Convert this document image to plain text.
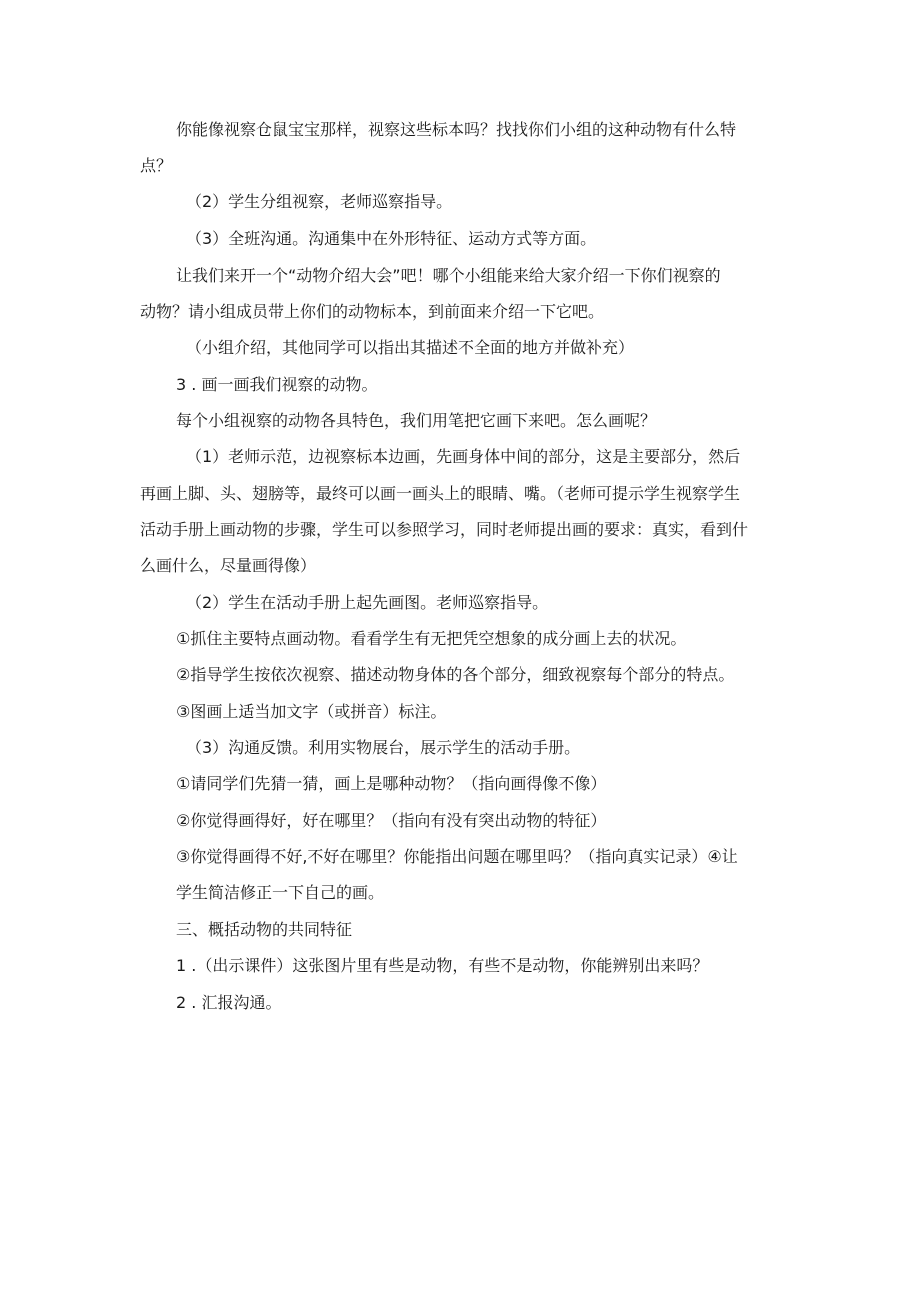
你能像视察仓鼠宝宝那样，视察这些标本吗？找找你们小组的这种动物有什么特

点？

（2）学生分组视察，老师巡察指导。

（3）全班沟通。沟通集中在外形特征、运动方式等方面。

让我们来开一个“动物介绍大会”吧！哪个小组能来给大家介绍一下你们视察的

动物？请小组成员带上你们的动物标本，到前面来介绍一下它吧。

（小组介绍，其他同学可以指出其描述不全面的地方并做补充）

3 . 画一画我们视察的动物。

每个小组视察的动物各具特色，我们用笔把它画下来吧。怎么画呢？

（1）老师示范，边视察标本边画，先画身体中间的部分，这是主要部分，然后

再画上脚、头、翅膀等，最终可以画一画头上的眼睛、嘴。（老师可提示学生视察学生

活动手册上画动物的步骤，学生可以参照学习，同时老师提出画的要求：真实，看到什

么画什么，尽量画得像）

（2）学生在活动手册上起先画图。老师巡察指导。

①抓住主要特点画动物。看看学生有无把凭空想象的成分画上去的状况。

②指导学生按依次视察、描述动物身体的各个部分，细致视察每个部分的特点。

③图画上适当加文字（或拼音）标注。

（3）沟通反馈。利用实物展台，展示学生的活动手册。

①请同学们先猜一猜，画上是哪种动物？（指向画得像不像）

②你觉得画得好，好在哪里？（指向有没有突出动物的特征）

③你觉得画得不好,不好在哪里？你能指出问题在哪里吗？（指向真实记录）④让

学生简洁修正一下自己的画。

三、概括动物的共同特征

1 .（出示课件）这张图片里有些是动物，有些不是动物，你能辨别出来吗？

2 . 汇报沟通。
